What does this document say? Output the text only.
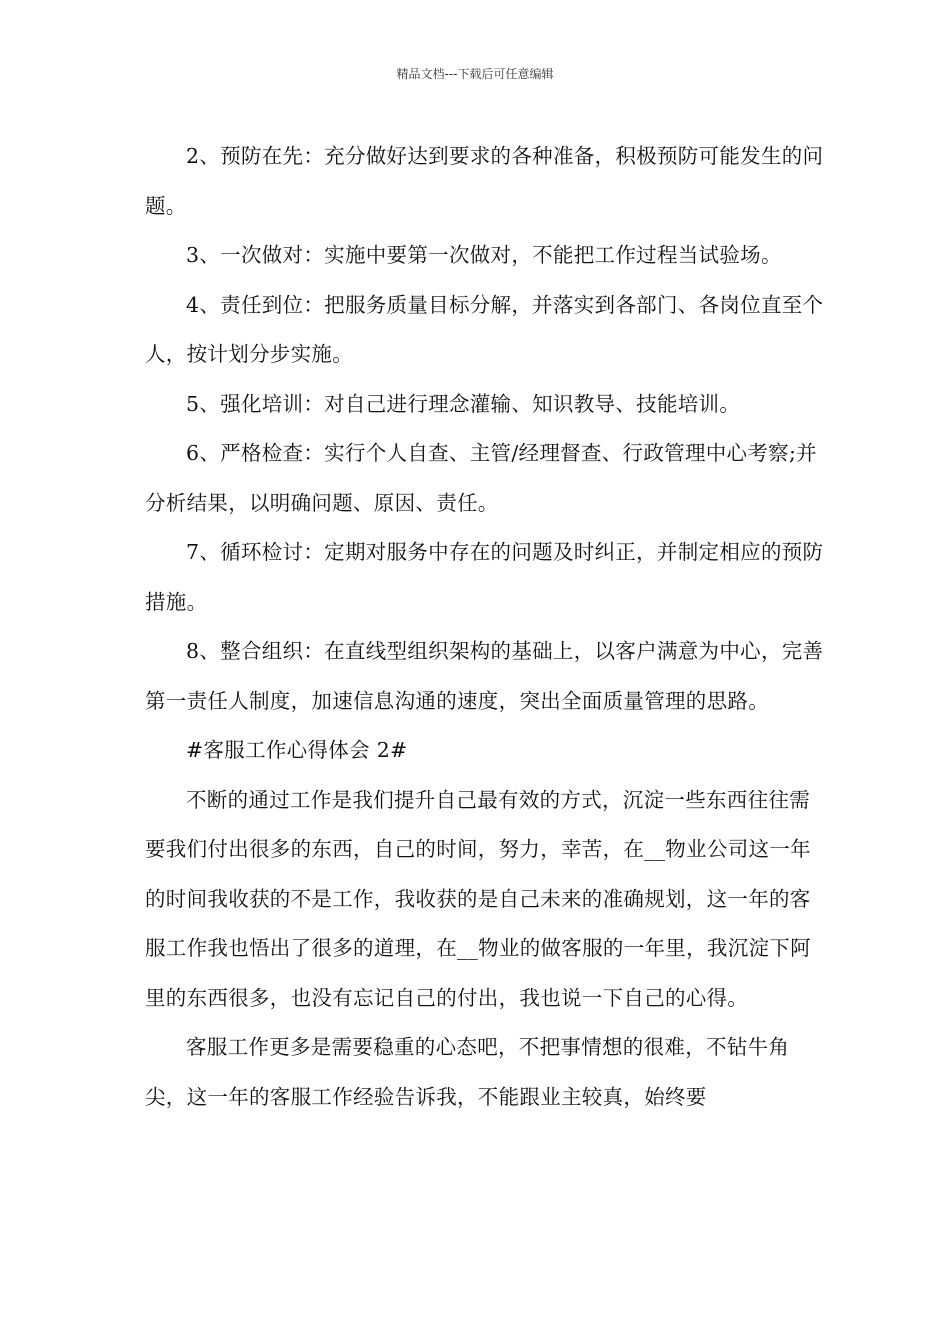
精品文档---下载后可任意编辑

2、预防在先：充分做好达到要求的各种准备，积极预防可能发生的问题。

3、一次做对：实施中要第一次做对，不能把工作过程当试验场。

4、责任到位：把服务质量目标分解，并落实到各部门、各岗位直至个人，按计划分步实施。

5、强化培训：对自己进行理念灌输、知识教导、技能培训。

6、严格检查：实行个人自查、主管/经理督查、行政管理中心考察;并分析结果，以明确问题、原因、责任。

7、循环检讨：定期对服务中存在的问题及时纠正，并制定相应的预防措施。

8、整合组织：在直线型组织架构的基础上，以客户满意为中心，完善第一责任人制度，加速信息沟通的速度，突出全面质量管理的思路。

#客服工作心得体会 2#

不断的通过工作是我们提升自己最有效的方式，沉淀一些东西往往需要我们付出很多的东西，自己的时间，努力，幸苦，在__物业公司这一年的时间我收获的不是工作，我收获的是自己未来的准确规划，这一年的客服工作我也悟出了很多的道理，在__物业的做客服的一年里，我沉淀下阿里的东西很多，也没有忘记自己的付出，我也说一下自己的心得。

客服工作更多是需要稳重的心态吧，不把事情想的很难，不钻牛角尖，这一年的客服工作经验告诉我，不能跟业主较真，始终要
